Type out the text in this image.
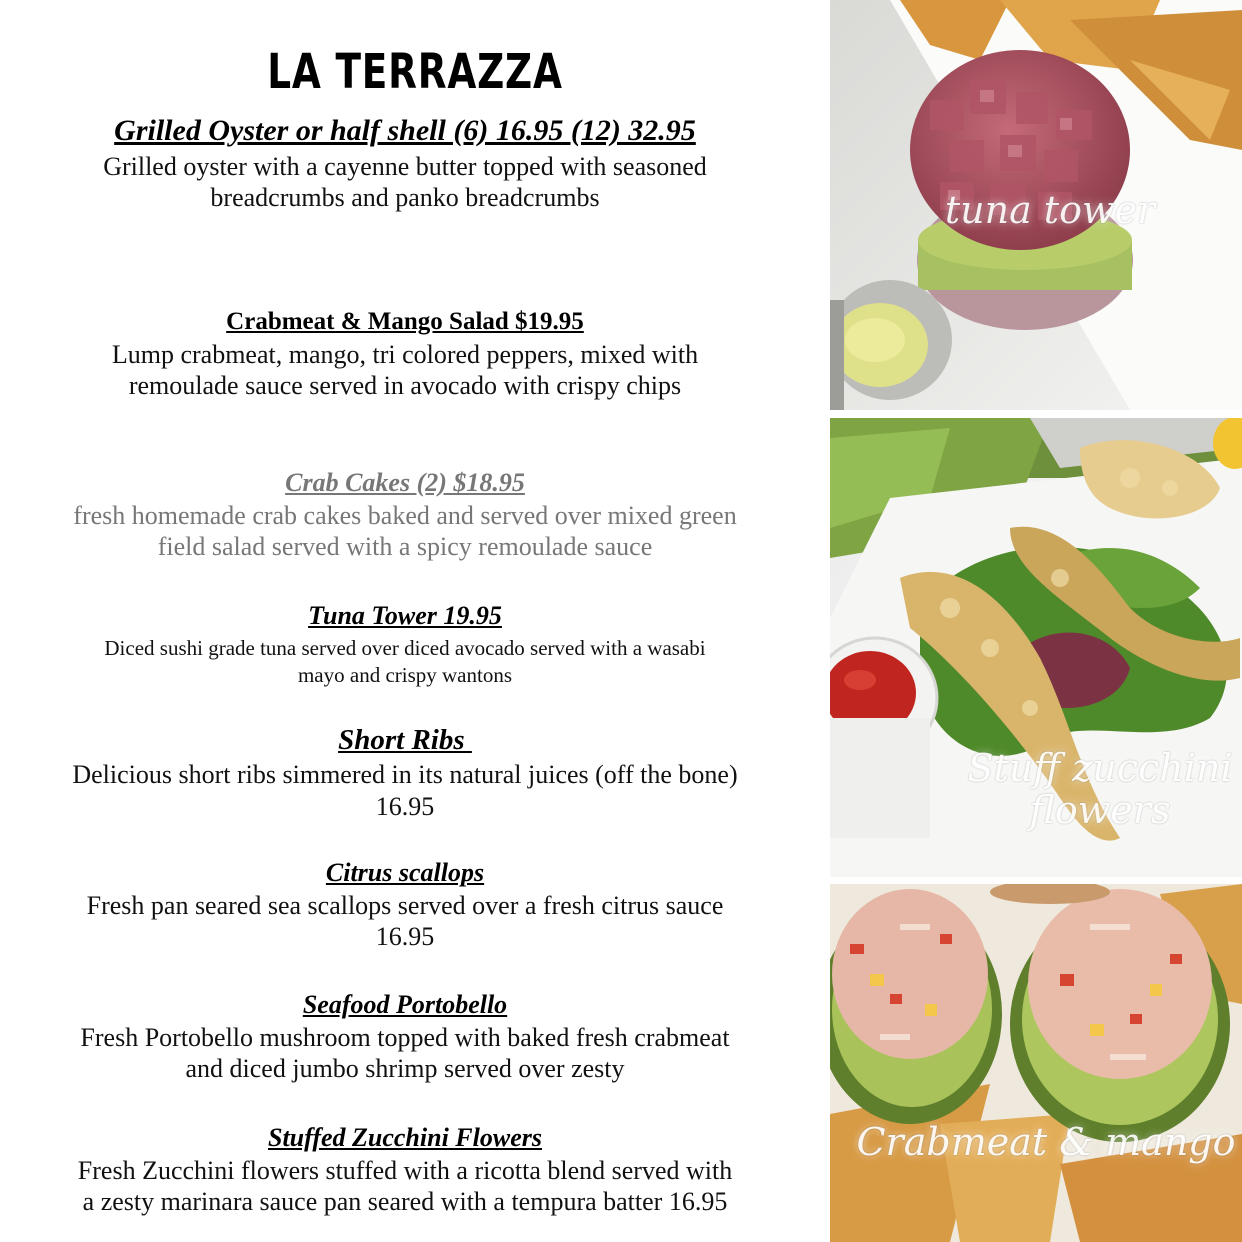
LA TERRAZZA
Grilled Oyster or half shell (6) 16.95 (12) 32.95
Grilled oyster with a cayenne butter topped with seasoned
breadcrumbs and panko breadcrumbs
Crabmeat & Mango Salad $19.95
Lump crabmeat, mango, tri colored peppers, mixed with
remoulade sauce served in avocado with crispy chips
Crab Cakes (2) $18.95
fresh homemade crab cakes baked and served over mixed green
field salad served with a spicy remoulade sauce
Tuna Tower 19.95
Diced sushi grade tuna served over diced avocado served with a wasabi
mayo and crispy wantons
Short Ribs
Delicious short ribs simmered in its natural juices (off the bone)
16.95
Citrus scallops
Fresh pan seared sea scallops served over a fresh citrus sauce
16.95
Seafood Portobello
Fresh Portobello mushroom topped with baked fresh crabmeat
and diced jumbo shrimp served over zesty
Stuffed Zucchini Flowers
Fresh Zucchini flowers stuffed with a ricotta blend served with
a zesty marinara sauce pan seared with a tempura batter 16.95
tuna tower
Stuff zucchini
flowers
Crabmeat & mango
